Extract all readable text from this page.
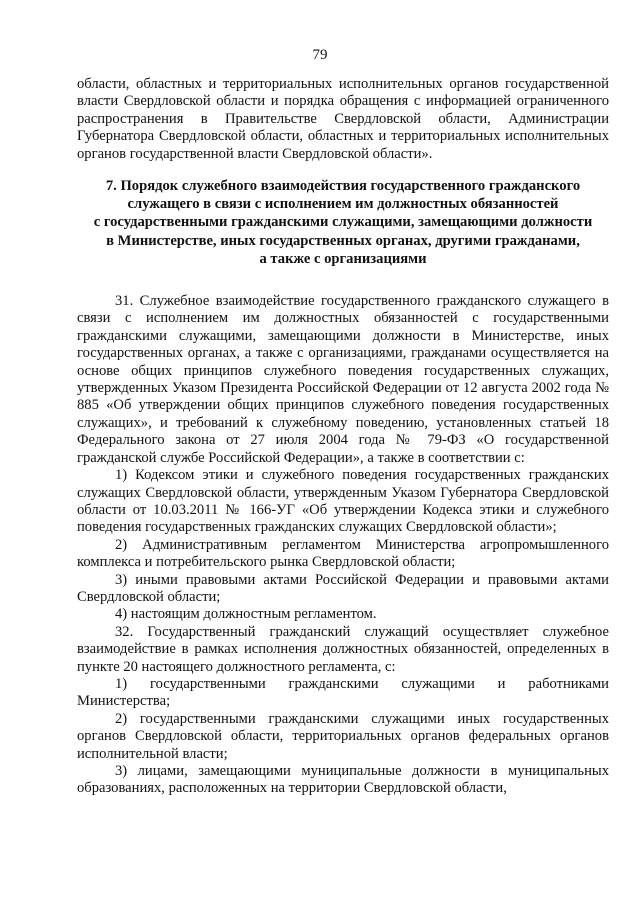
79

области, областных и территориальных исполнительных органов государственной власти Свердловской области и порядка обращения с информацией ограниченного распространения в Правительстве Свердловской области, Администрации Губернатора Свердловской области, областных и территориальных исполнительных органов государственной власти Свердловской области».

7. Порядок служебного взаимодействия государственного гражданского
служащего в связи с исполнением им должностных обязанностей
с государственными гражданскими служащими, замещающими должности
в Министерстве, иных государственных органах, другими гражданами,
а также с организациями

31. Служебное взаимодействие государственного гражданского служащего в связи с исполнением им должностных обязанностей с государственными гражданскими служащими, замещающими должности в Министерстве, иных государственных органах, а также с организациями, гражданами осуществляется на основе общих принципов служебного поведения государственных служащих, утвержденных Указом Президента Российской Федерации от 12 августа 2002 года № 885 «Об утверждении общих принципов служебного поведения государственных служащих», и требований к служебному поведению, установленных статьей 18 Федерального закона от 27 июля 2004 года № 79-ФЗ «О государственной гражданской службе Российской Федерации», а также в соответствии с:

1) Кодексом этики и служебного поведения государственных гражданских служащих Свердловской области, утвержденным Указом Губернатора Свердловской области от 10.03.2011 № 166-УГ «Об утверждении Кодекса этики и служебного поведения государственных гражданских служащих Свердловской области»;

2) Административным регламентом Министерства агропромышленного комплекса и потребительского рынка Свердловской области;

3) иными правовыми актами Российской Федерации и правовыми актами Свердловской области;

4) настоящим должностным регламентом.

32. Государственный гражданский служащий осуществляет служебное взаимодействие в рамках исполнения должностных обязанностей, определенных в пункте 20 настоящего должностного регламента, с:

1) государственными гражданскими служащими и работниками Министерства;

2) государственными гражданскими служащими иных государственных органов Свердловской области, территориальных органов федеральных органов исполнительной власти;

3) лицами, замещающими муниципальные должности в муниципальных образованиях, расположенных на территории Свердловской области,
